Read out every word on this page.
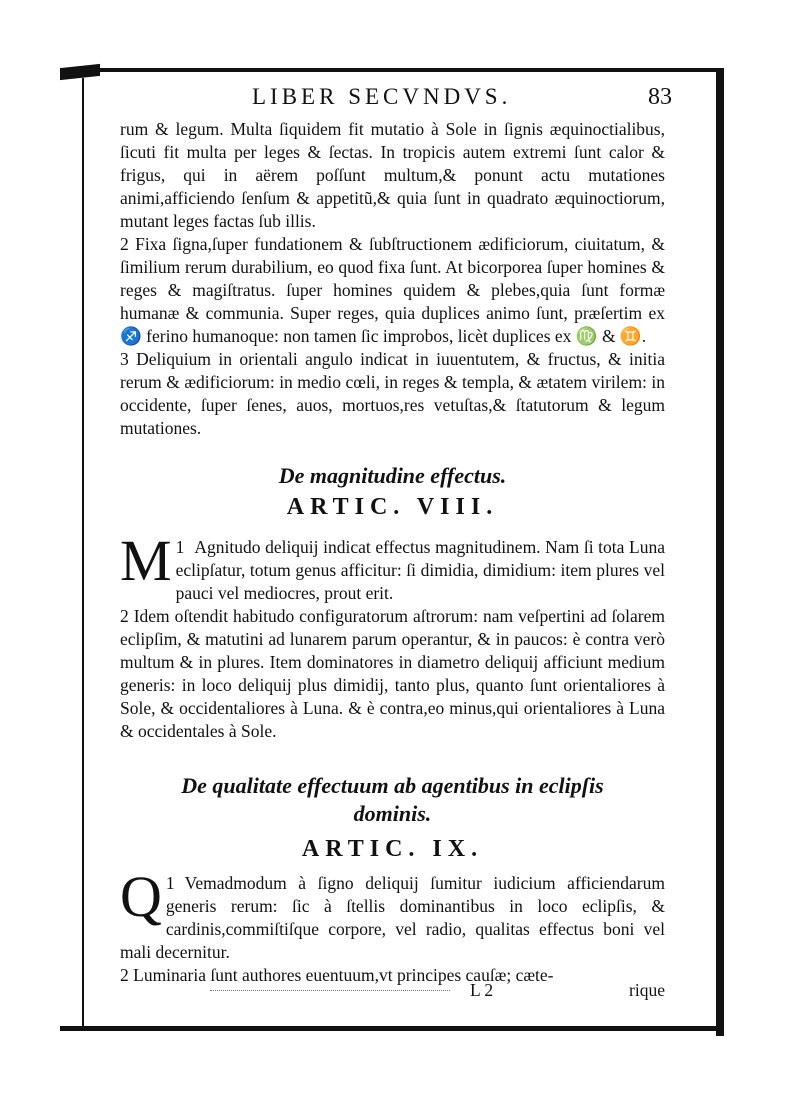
LIBER SECVNDVS.	83

rum & legum. Multa ſiquidem fit mutatio à Sole in ſignis æquinoctialibus, ſicuti fit multa per leges & ſectas. In tropicis autem extremi ſunt calor & frigus, qui in aërem poſſunt multum,& ponunt actu mutationes animi,afficiendo ſenſum & appetitũ,& quia ſunt in quadrato æquinoctiorum, mutant leges factas ſub illis.

2 Fixa ſigna,ſuper fundationem & ſubſtructionem ædificiorum, ciuitatum, & ſimilium rerum durabilium, eo quod fixa ſunt. At bicorporea ſuper homines & reges & magiſtratus. ſuper homines quidem & plebes,quia ſunt formæ humanæ & communia. Super reges, quia duplices animo ſunt, præſertim ex ♐ ferino humanoque: non tamen ſic improbos, licèt duplices ex ♍ & ♊.

3 Deliquium in orientali angulo indicat in iuuentutem, & fructus, & initia rerum & ædificiorum: in medio cœli, in reges & templa, & ætatem virilem: in occidente, ſuper ſenes, auos, mortuos,res vetuſtas,& ſtatutorum & legum mutationes.

De magnitudine effectus.
ARTIC. VIII.

1
M Agnitudo deliquij indicat effectus magnitudinem. Nam ſi tota Luna eclipſatur, totum genus afficitur: ſi dimidia, dimidium: item plures vel pauci vel mediocres, prout erit.

2 Idem oſtendit habitudo configuratorum aſtrorum: nam veſpertini ad ſolarem eclipſim, & matutini ad lunarem parum operantur, & in paucos: è contra verò multum & in plures. Item dominatores in diametro deliquij afficiunt medium generis: in loco deliquij plus dimidij, tanto plus, quanto ſunt orientaliores à Sole, & occidentaliores à Luna. & è contra,eo minus,qui orientaliores à Luna & occidentales à Sole.

De qualitate effectuum ab agentibus in eclipſis
dominis.
ARTIC. IX.

1
Q Vemadmodum à ſigno deliquij ſumitur iudicium afficiendarum generis rerum: ſic à ſtellis dominantibus in loco eclipſis, & cardinis,commiſtiſque corpore, vel radio, qualitas effectus boni vel mali decernitur.

2 Luminaria ſunt authores euentuum,vt principes cauſæ; cæte-

L 2	rique
